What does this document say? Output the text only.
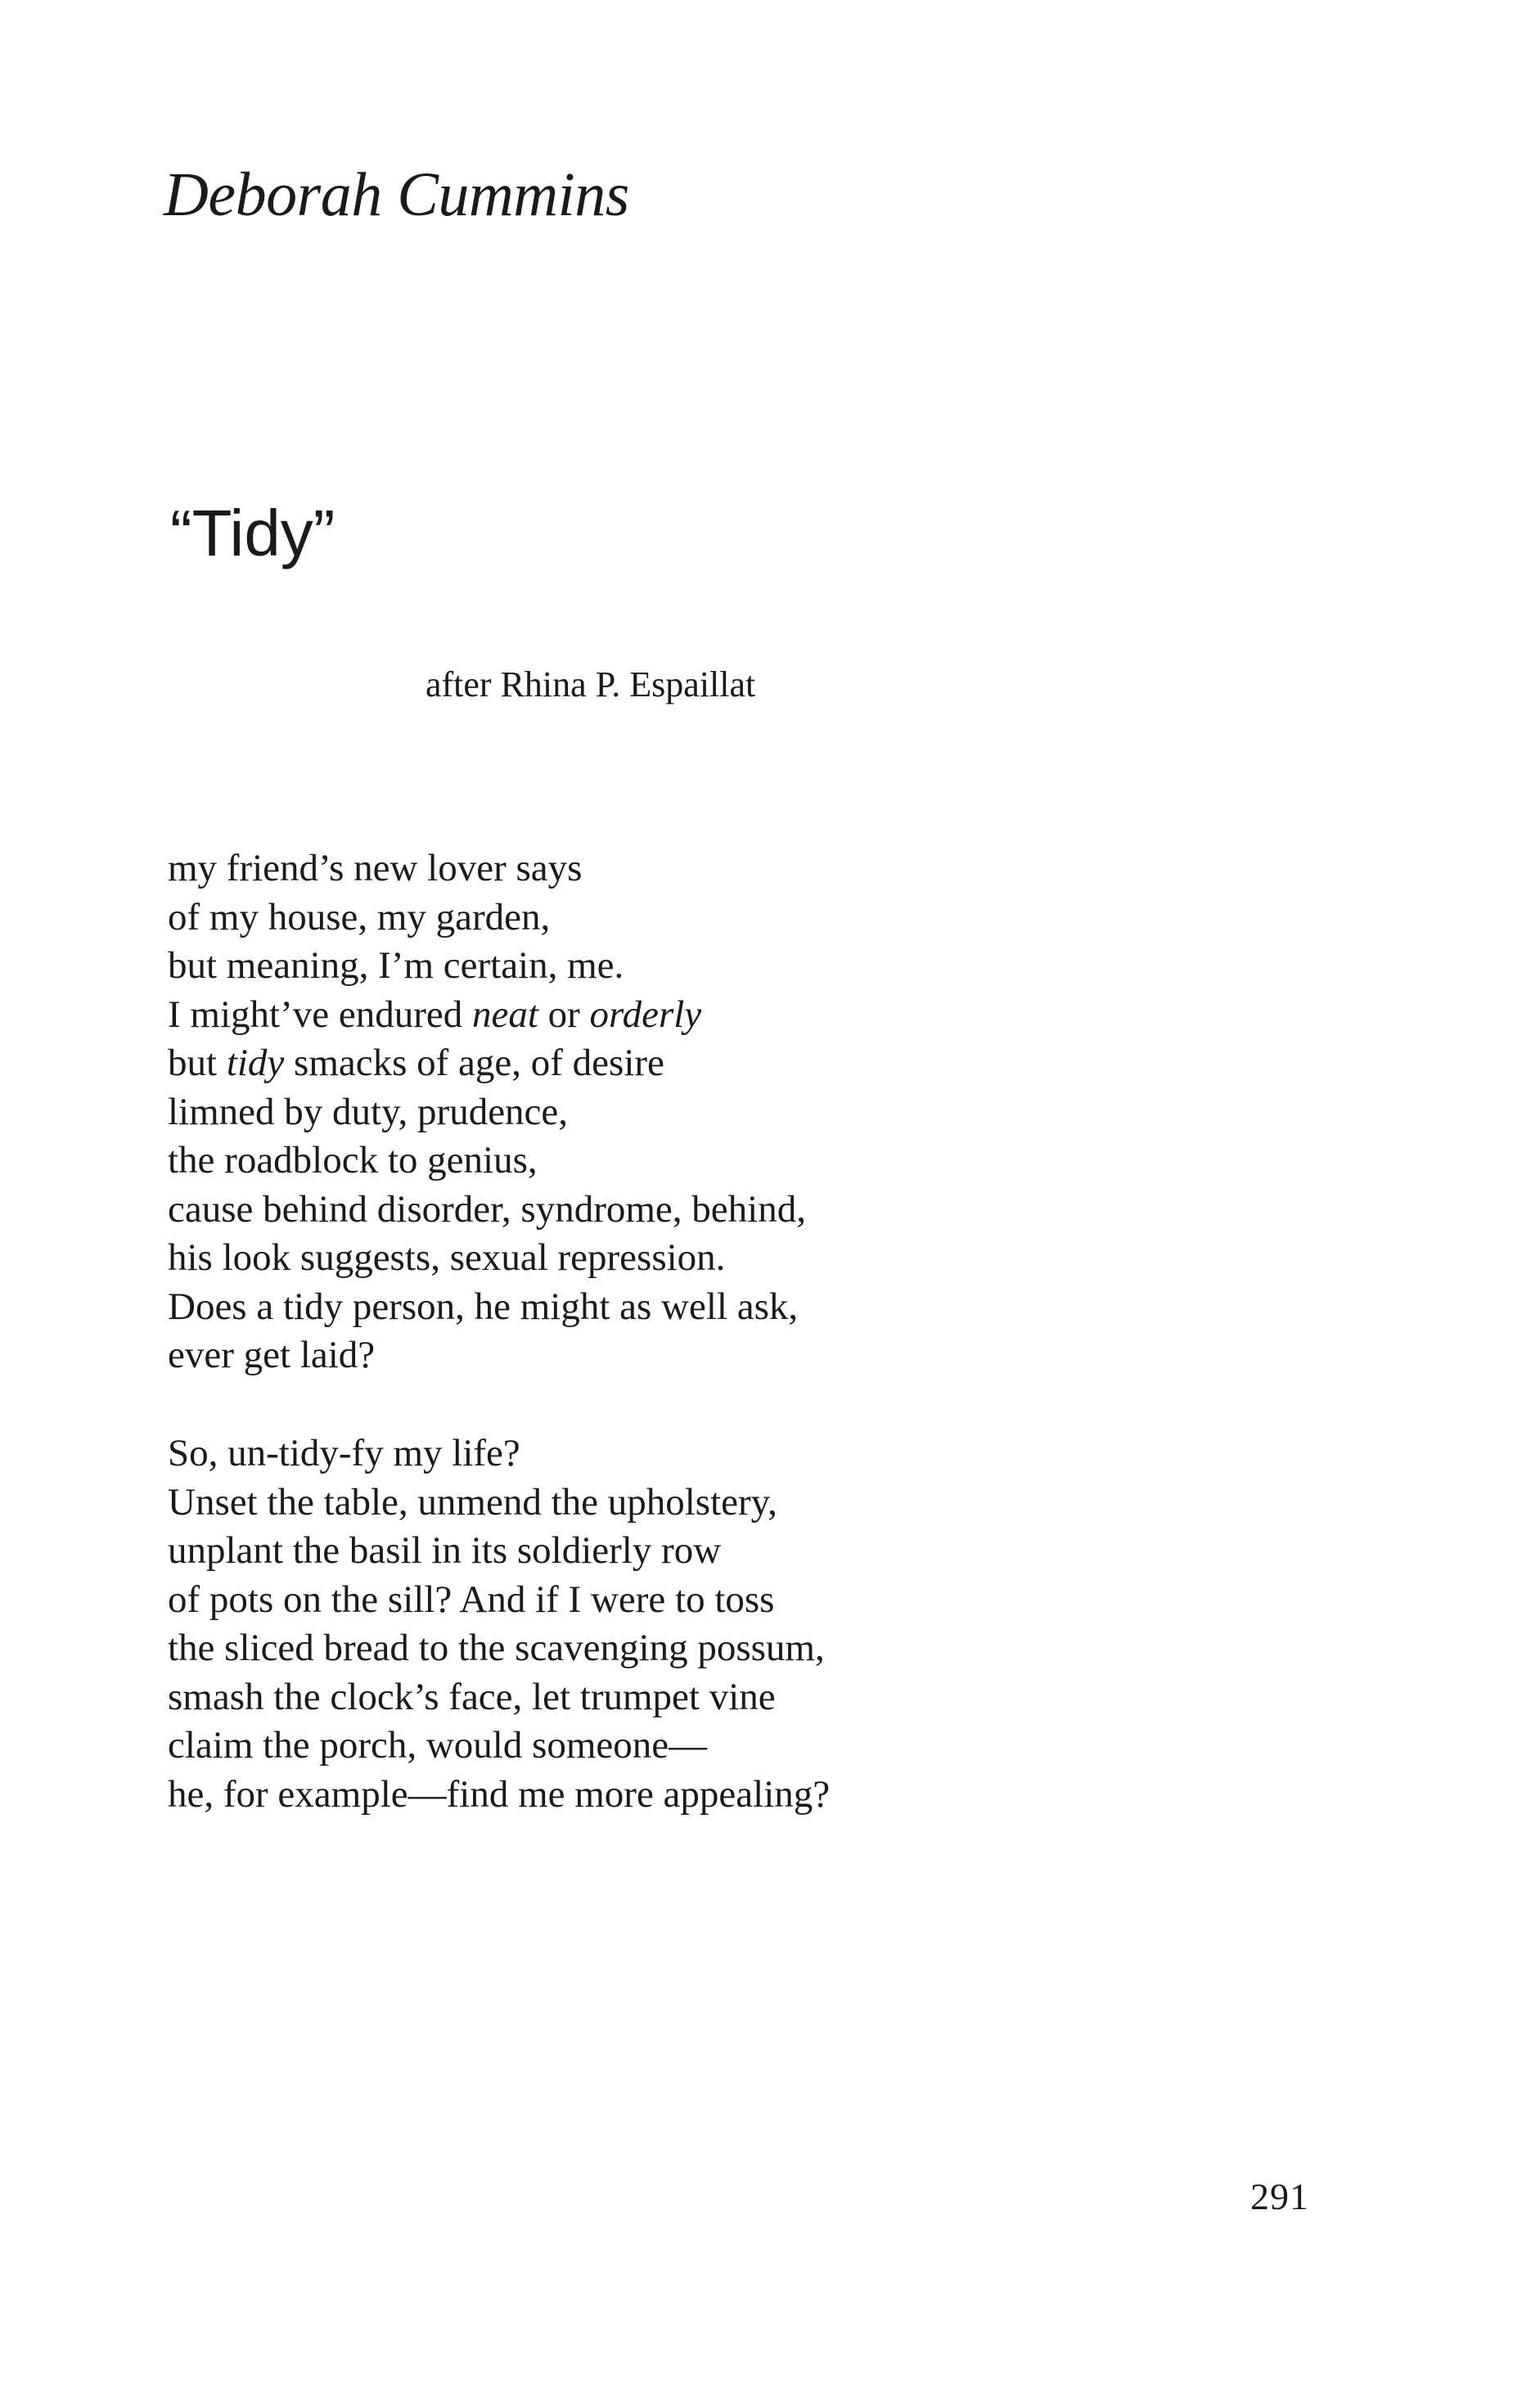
Deborah Cummins
“Tidy”

after Rhina P. Espaillat

my friend’s new lover says
of my house, my garden,
but meaning, I’m certain, me.
I might’ve endured neat or orderly
but tidy smacks of age, of desire
limned by duty, prudence,
the roadblock to genius,
cause behind disorder, syndrome, behind,
his look suggests, sexual repression.
Does a tidy person, he might as well ask,
ever get laid?
So, un-tidy-fy my life?
Unset the table, unmend the upholstery,
unplant the basil in its soldierly row
of pots on the sill? And if I were to toss
the sliced bread to the scavenging possum,
smash the clock’s face, let trumpet vine
claim the porch, would someone—
he, for example—find me more appealing?
291
